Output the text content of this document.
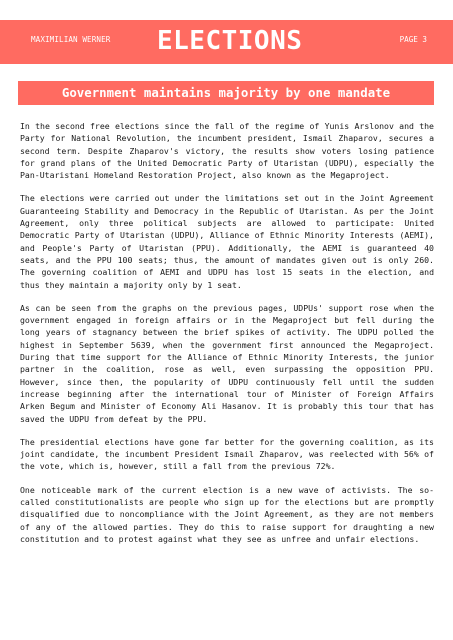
MAXIMILIAN WERNER ELECTIONS	PAGE 3
Government maintains majority by one mandate

In the second free elections since the fall of the regime of Yunis Arslonov and the Party for National Revolution, the incumbent president, Ismail Zhaparov, secures a second term. Despite Zhaparov's victory, the results show voters losing patience for grand plans of the United Democratic Party of Utaristan (UDPU), especially the Pan-Utaristani Homeland Restoration Project, also known as the Megaproject.

The elections were carried out under the limitations set out in the Joint Agreement Guaranteeing Stability and Democracy in the Republic of Utaristan. As per the Joint Agreement, only three political subjects are allowed to participate: United Democratic Party of Utaristan (UDPU), Alliance of Ethnic Minority Interests (AEMI), and People's Party of Utaristan (PPU). Additionally, the AEMI is guaranteed 40 seats, and the PPU 100 seats; thus, the amount of mandates given out is only 260. The governing coalition of AEMI and UDPU has lost 15 seats in the election, and thus they maintain a majority only by 1 seat.

As can be seen from the graphs on the previous pages, UDPUs' support rose when the government engaged in foreign affairs or in the Megaproject but fell during the long years of stagnancy between the brief spikes of activity. The UDPU polled the highest in September 5639, when the government first announced the Megaproject. During that time support for the Alliance of Ethnic Minority Interests, the junior partner in the coalition, rose as well, even surpassing the opposition PPU. However, since then, the popularity of UDPU continuously fell until the sudden increase beginning after the international tour of Minister of Foreign Affairs Arken Begum and Minister of Economy Ali Hasanov. It is probably this tour that has saved the UDPU from defeat by the PPU.

The presidential elections have gone far better for the governing coalition, as its joint candidate, the incumbent President Ismail Zhaparov, was reelected with 56% of the vote, which is, however, still a fall from the previous 72%.

One noticeable mark of the current election is a new wave of activists. The so-called constitutionalists are people who sign up for the elections but are promptly disqualified due to noncompliance with the Joint Agreement, as they are not members of any of the allowed parties. They do this to raise support for draughting a new constitution and to protest against what they see as unfree and unfair elections.
